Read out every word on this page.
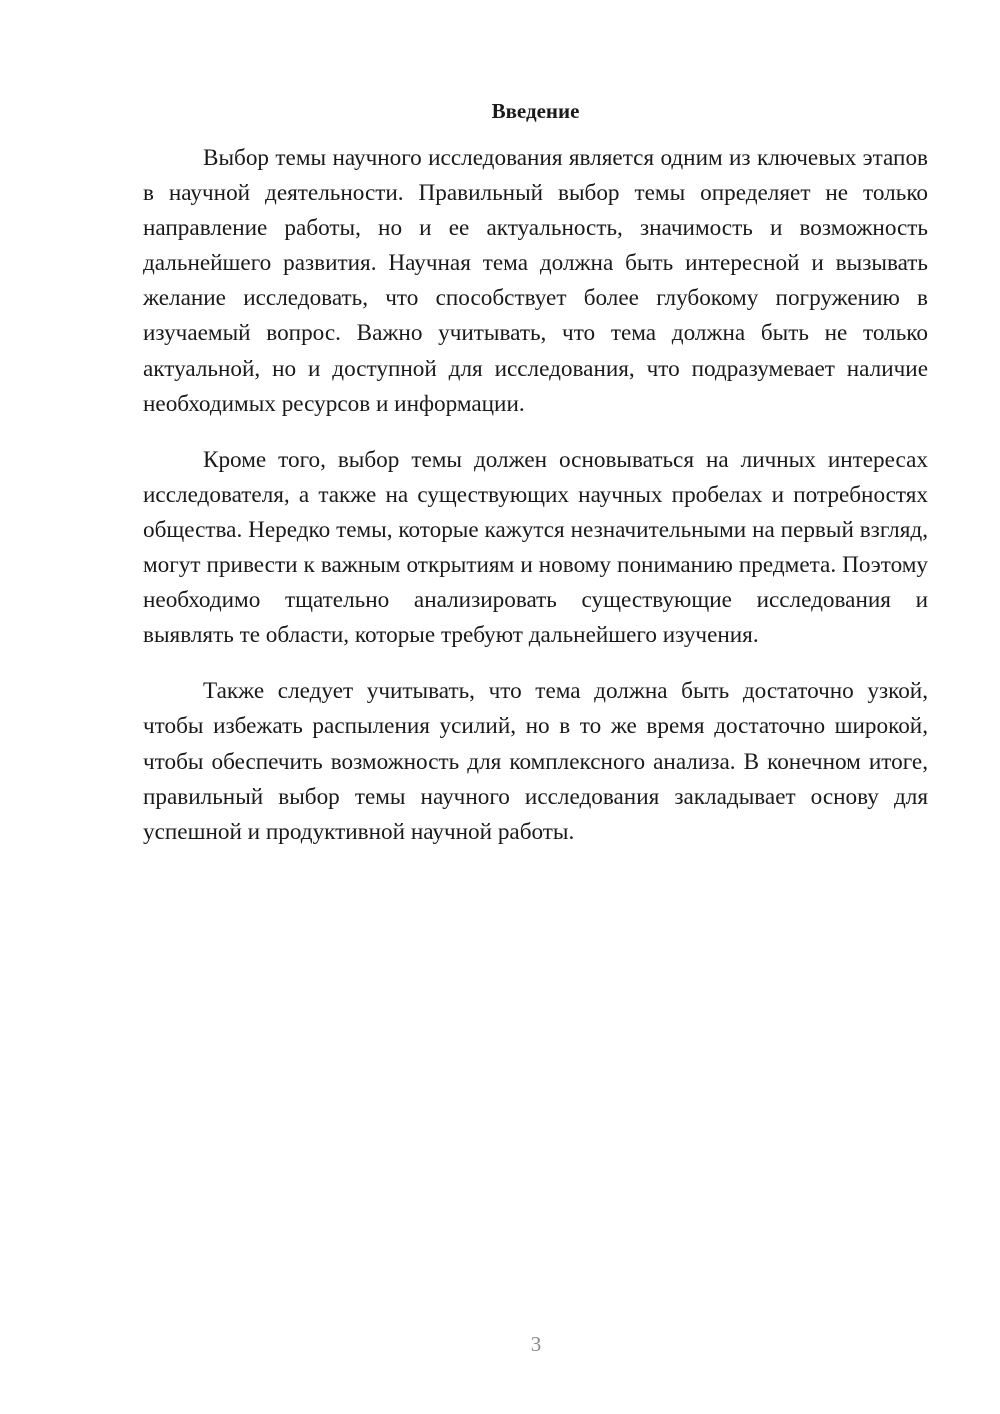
Введение

Выбор темы научного исследования является одним из ключевых этапов в научной деятельности. Правильный выбор темы определяет не только направление работы, но и ее актуальность, значимость и возможность дальнейшего развития. Научная тема должна быть интересной и вызывать желание исследовать, что способствует более глубокому погружению в изучаемый вопрос. Важно учитывать, что тема должна быть не только актуальной, но и доступной для исследования, что подразумевает наличие необходимых ресурсов и информации.

Кроме того, выбор темы должен основываться на личных интересах исследователя, а также на существующих научных пробелах и потребностях общества. Нередко темы, которые кажутся незначительными на первый взгляд, могут привести к важным открытиям и новому пониманию предмета. Поэтому необходимо тщательно анализировать существующие исследования и выявлять те области, которые требуют дальнейшего изучения.

Также следует учитывать, что тема должна быть достаточно узкой, чтобы избежать распыления усилий, но в то же время достаточно широкой, чтобы обеспечить возможность для комплексного анализа. В конечном итоге, правильный выбор темы научного исследования закладывает основу для успешной и продуктивной научной работы.

3
